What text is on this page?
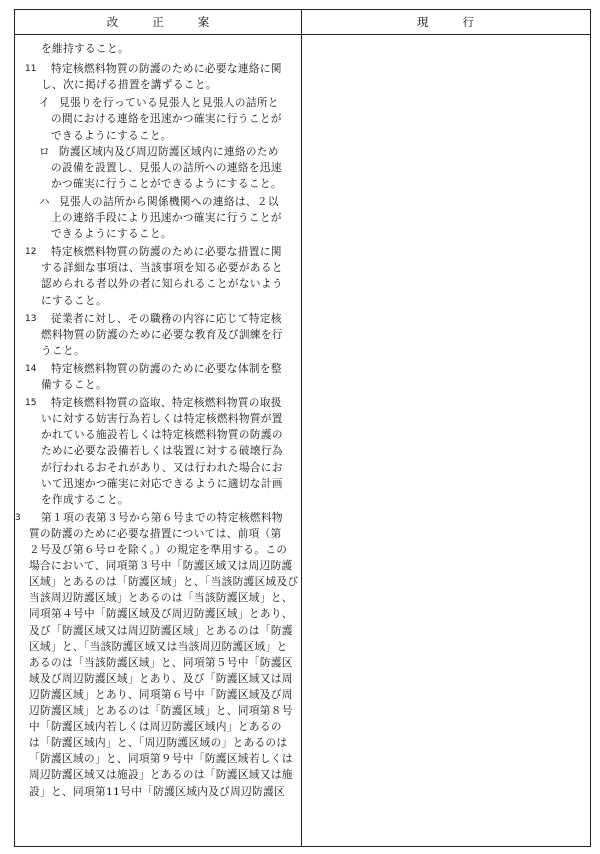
改正案	現行
を維持すること。
11 特定核燃料物質の防護のために必要な連絡に関
し、次に掲げる措置を講ずること。
イ 見張りを行っている見張人と見張人の詰所と
の間における連絡を迅速かつ確実に行うことが
できるようにすること。
ロ 防護区域内及び周辺防護区域内に連絡のため
の設備を設置し、見張人の詰所への連絡を迅速
かつ確実に行うことができるようにすること。
ハ 見張人の詰所から関係機関への連絡は、２以
上の連絡手段により迅速かつ確実に行うことが
できるようにすること。
12 特定核燃料物質の防護のために必要な措置に関
する詳細な事項は、当該事項を知る必要があると
認められる者以外の者に知られることがないよう
にすること。
13 従業者に対し、その職務の内容に応じて特定核
燃料物質の防護のために必要な教育及び訓練を行
うこと。
14 特定核燃料物質の防護のために必要な体制を整
備すること。
15 特定核燃料物質の盗取、特定核燃料物質の取扱
いに対する妨害行為若しくは特定核燃料物質が置
かれている施設若しくは特定核燃料物質の防護の
ために必要な設備若しくは装置に対する破壊行為
が行われるおそれがあり、又は行われた場合にお
いて迅速かつ確実に対応できるように適切な計画
を作成すること。
3 第１項の表第３号から第６号までの特定核燃料物
質の防護のために必要な措置については、前項（第
２号及び第６号ロを除く。）の規定を準用する。この
場合において、同項第３号中「防護区域又は周辺防護
区域」とあるのは「防護区域」と、「当該防護区域及び
当該周辺防護区域」とあるのは「当該防護区域」と、
同項第４号中「防護区域及び周辺防護区域」とあり、
及び「防護区域又は周辺防護区域」とあるのは「防護
区域」と、「当該防護区域又は当該周辺防護区域」と
あるのは「当該防護区域」と、同項第５号中「防護区
域及び周辺防護区域」とあり、及び「防護区域又は周
辺防護区域」とあり、同項第６号中「防護区域及び周
辺防護区域」とあるのは「防護区域」と、同項第８号
中「防護区域内若しくは周辺防護区域内」とあるの
は「防護区域内」と、「周辺防護区域の」とあるのは
「防護区域の」と、同項第９号中「防護区域若しくは
周辺防護区域又は施設」とあるのは「防護区域又は施
設」と、同項第11号中「防護区域内及び周辺防護区
